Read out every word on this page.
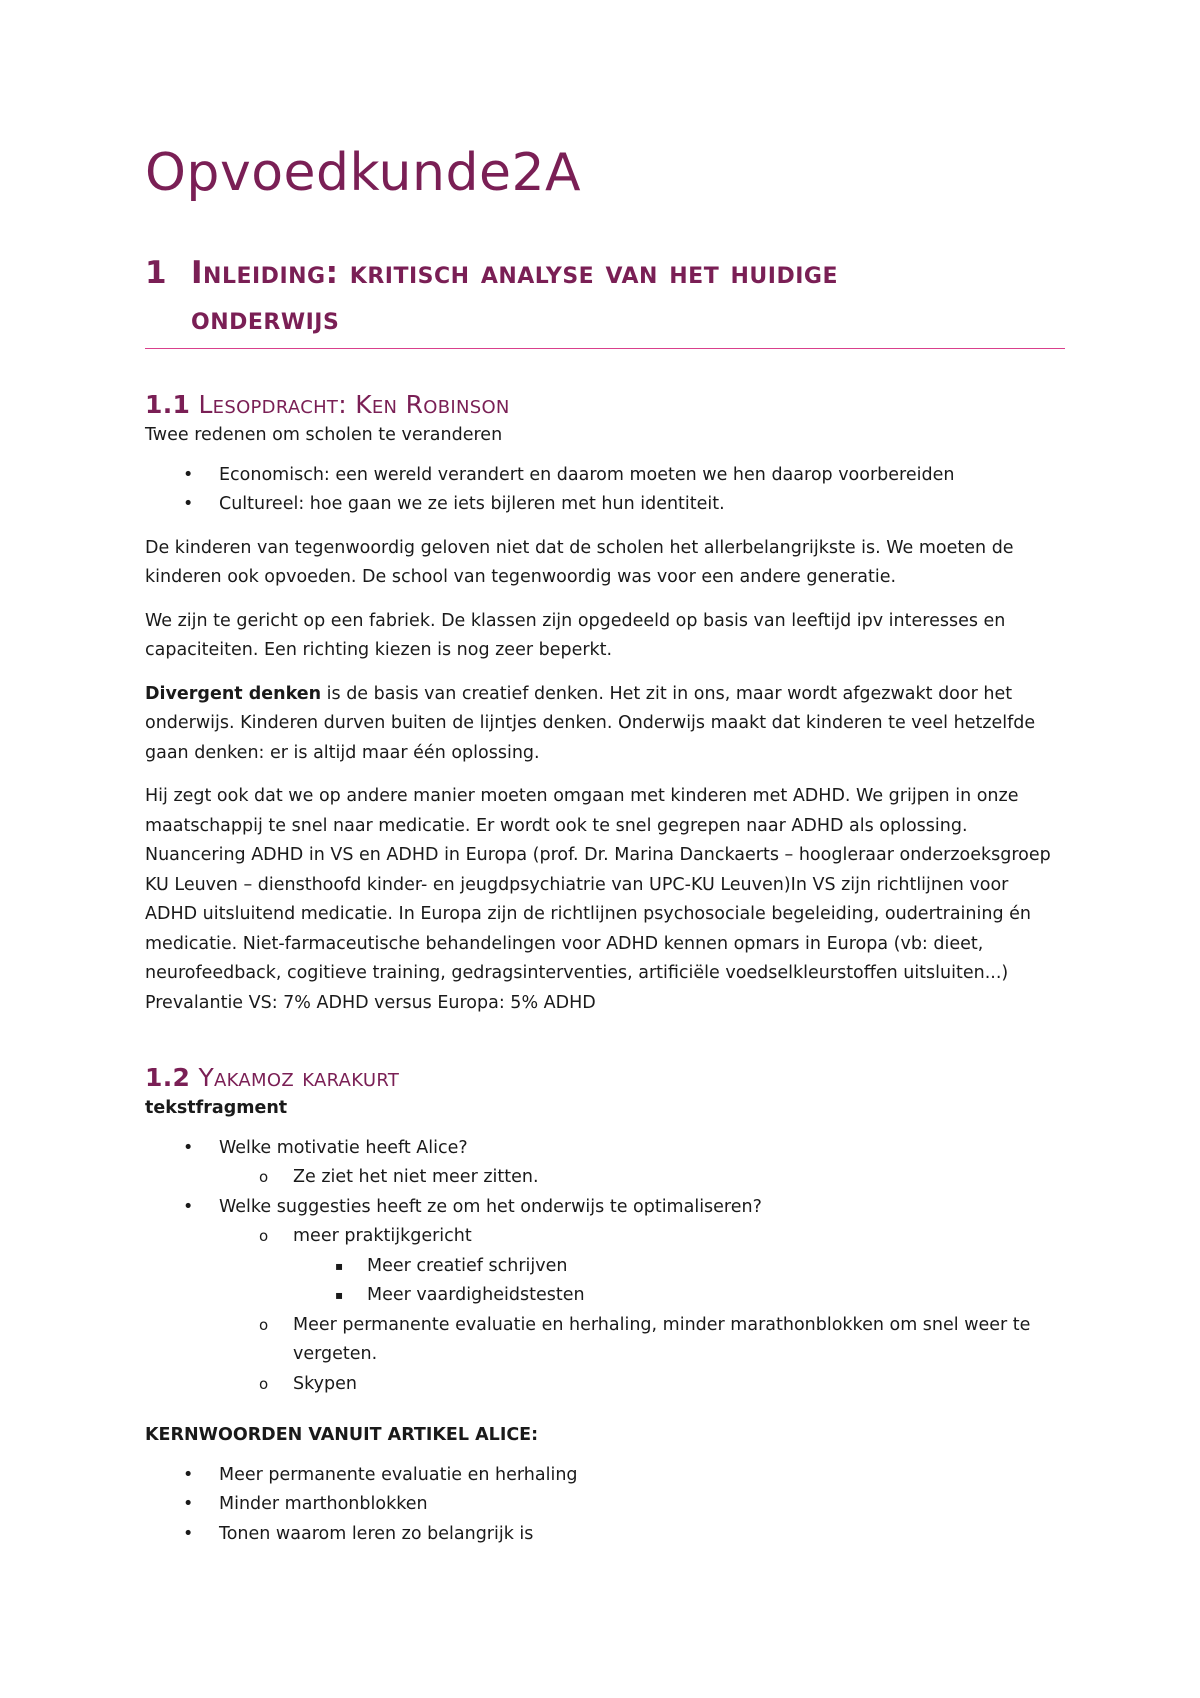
Opvoedkunde2A
1 Inleiding: kritisch analyse van het huidige
onderwijs
1.1 Lesopdracht: Ken Robinson

Twee redenen om scholen te veranderen

• Economisch: een wereld verandert en daarom moeten we hen daarop voorbereiden
• Cultureel: hoe gaan we ze iets bijleren met hun identiteit.

De kinderen van tegenwoordig geloven niet dat de scholen het allerbelangrijkste is. We moeten de kinderen ook opvoeden. De school van tegenwoordig was voor een andere generatie.

We zijn te gericht op een fabriek. De klassen zijn opgedeeld op basis van leeftijd ipv interesses en capaciteiten. Een richting kiezen is nog zeer beperkt.

Divergent denken is de basis van creatief denken. Het zit in ons, maar wordt afgezwakt door het onderwijs. Kinderen durven buiten de lijntjes denken. Onderwijs maakt dat kinderen te veel hetzelfde gaan denken: er is altijd maar één oplossing.

Hij zegt ook dat we op andere manier moeten omgaan met kinderen met ADHD. We grijpen in onze maatschappij te snel naar medicatie. Er wordt ook te snel gegrepen naar ADHD als oplossing. Nuancering ADHD in VS en ADHD in Europa (prof. Dr. Marina Danckaerts – hoogleraar onderzoeksgroep KU Leuven – diensthoofd kinder- en jeugdpsychiatrie van UPC-KU Leuven)In VS zijn richtlijnen voor ADHD uitsluitend medicatie. In Europa zijn de richtlijnen psychosociale begeleiding, oudertraining én medicatie. Niet-farmaceutische behandelingen voor ADHD kennen opmars in Europa (vb: dieet, neurofeedback, cogitieve training, gedragsinterventies, artificiële voedselkleurstoffen uitsluiten...) Prevalantie VS: 7% ADHD versus Europa: 5% ADHD

1.2 Yakamoz karakurt

tekstfragment

• Welke motivatie heeft Alice?
o Ze ziet het niet meer zitten.
• Welke suggesties heeft ze om het onderwijs te optimaliseren?
o meer praktijkgericht
▪ Meer creatief schrijven
▪ Meer vaardigheidstesten
o Meer permanente evaluatie en herhaling, minder marathonblokken om snel weer te vergeten.
o Skypen

KERNWOORDEN VANUIT ARTIKEL ALICE:

• Meer permanente evaluatie en herhaling
• Minder marthonblokken
• Tonen waarom leren zo belangrijk is
